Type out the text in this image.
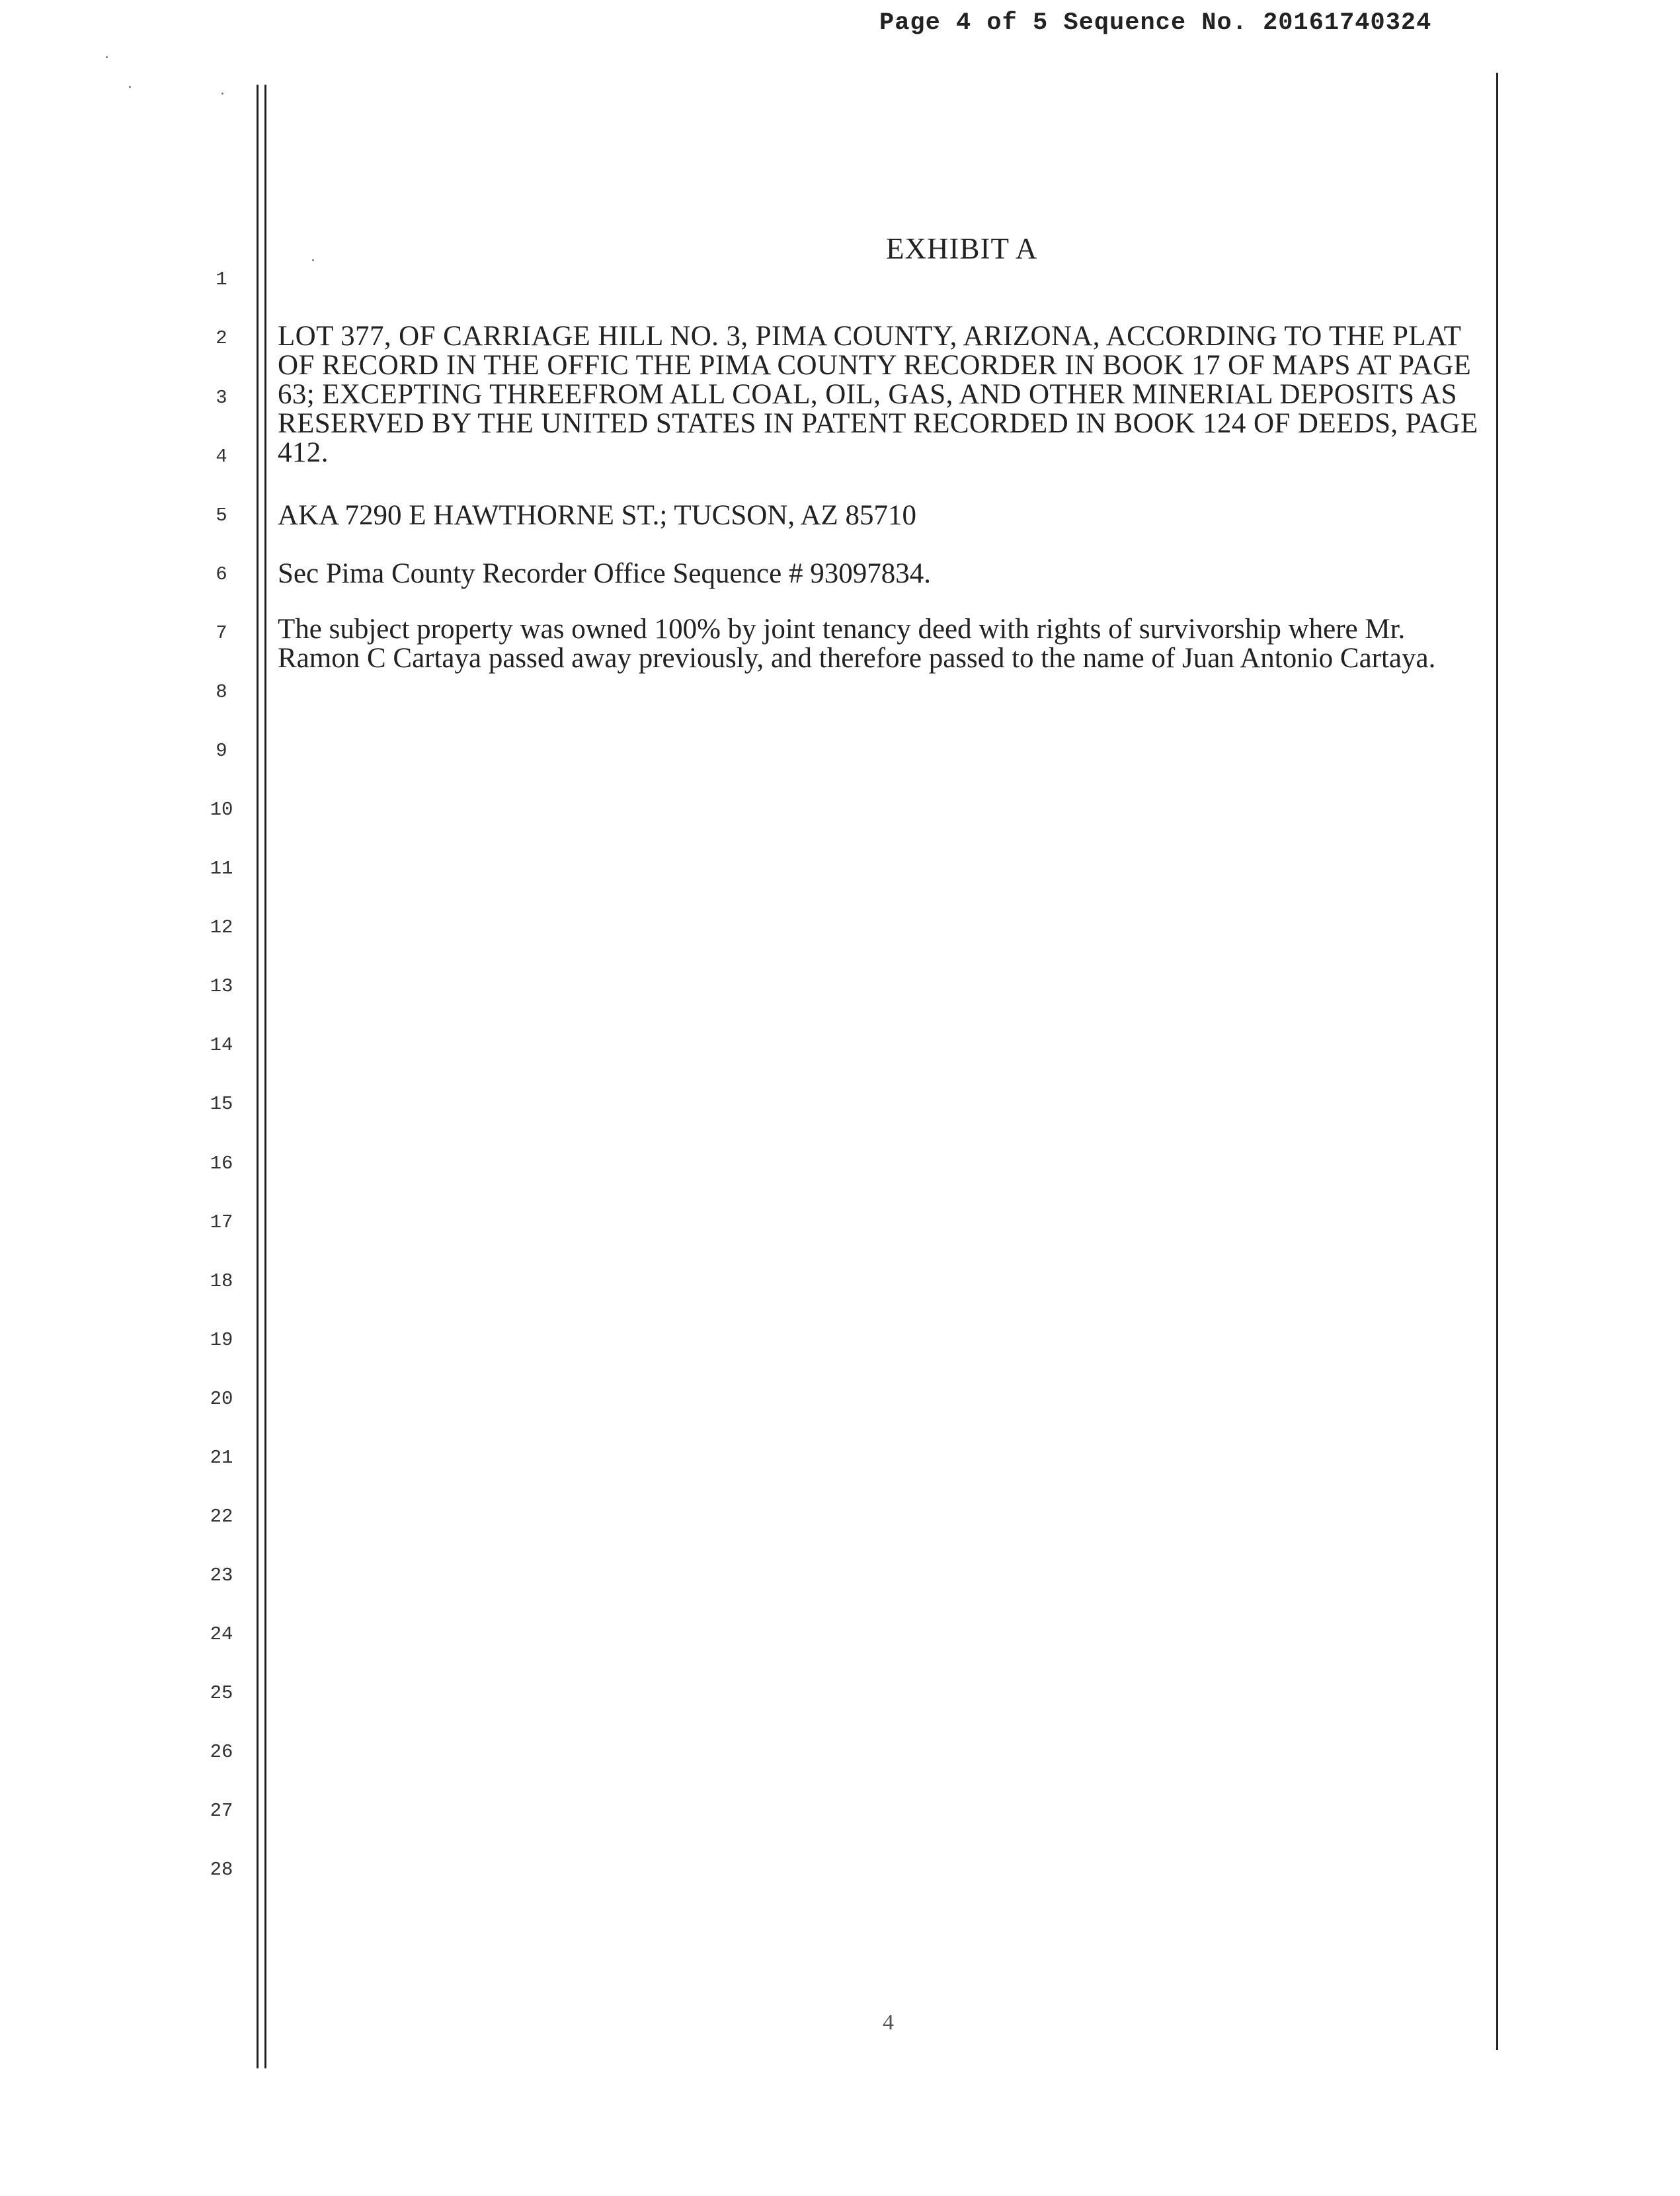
Page 4 of 5 Sequence No. 20161740324
1
2
3
4
5
6
7
8
9
10
11
12
13
14
15
16
17
18
19
20
21
22
23
24
25
26
27
28
EXHIBIT A
LOT 377, OF CARRIAGE HILL NO. 3, PIMA COUNTY, ARIZONA, ACCORDING TO THE PLAT OF RECORD IN THE OFFIC THE PIMA COUNTY RECORDER IN BOOK 17 OF MAPS AT PAGE 63; EXCEPTING THREEFROM ALL COAL, OIL, GAS, AND OTHER MINERIAL DEPOSITS AS RESERVED BY THE UNITED STATES IN PATENT RECORDED IN BOOK 124 OF DEEDS, PAGE 412.
AKA 7290 E HAWTHORNE ST.; TUCSON, AZ 85710
Sec Pima County Recorder Office Sequence # 93097834.
The subject property was owned 100% by joint tenancy deed with rights of survivorship where Mr. Ramon C Cartaya passed away previously, and therefore passed to the name of Juan Antonio Cartaya.
4
